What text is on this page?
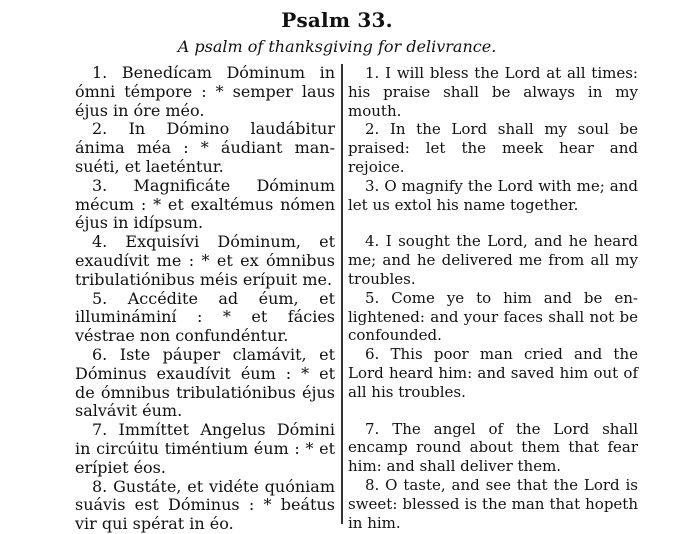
Psalm 33.
A psalm of thanksgiving for delivrance.

1. Benedícam Dóminum in ómni témpore : * semper laus éjus in óre méo.

2. In Dómino laudábitur ánima méa : * áudiant mansuéti, et laeténtur.

3. Magnificáte Dóminum mécum : * et exaltémus nómen éjus in idípsum.

4. Exquisívi Dóminum, et exaudívit me : * et ex ómnibus tribulatiónibus méis erípuit me.

5. Accédite ad éum, et illumináminí : * et fácies véstrae non confundéntur.

6. Iste páuper clamávit, et Dóminus exaudívit éum : * et de ómnibus tribulatiónibus éjus salvávit éum.

7. Immíttet Angelus Dómini in circúitu timéntium éum : * et erípiet éos.

8. Gustáte, et vidéte quóniam suávis est Dóminus : * beátus vir qui spérat in éo.

1. I will bless the Lord at all times: his praise shall be always in my mouth.

2. In the Lord shall my soul be praised: let the meek hear and rejoice.

3. O magnify the Lord with me; and let us extol his name together.

4. I sought the Lord, and he heard me; and he delivered me from all my troubles.

5. Come ye to him and be enlightened: and your faces shall not be confounded.

6. This poor man cried and the Lord heard him: and saved him out of all his troubles.

7. The angel of the Lord shall encamp round about them that fear him: and shall deliver them.

8. O taste, and see that the Lord is sweet: blessed is the man that hopeth in him.
